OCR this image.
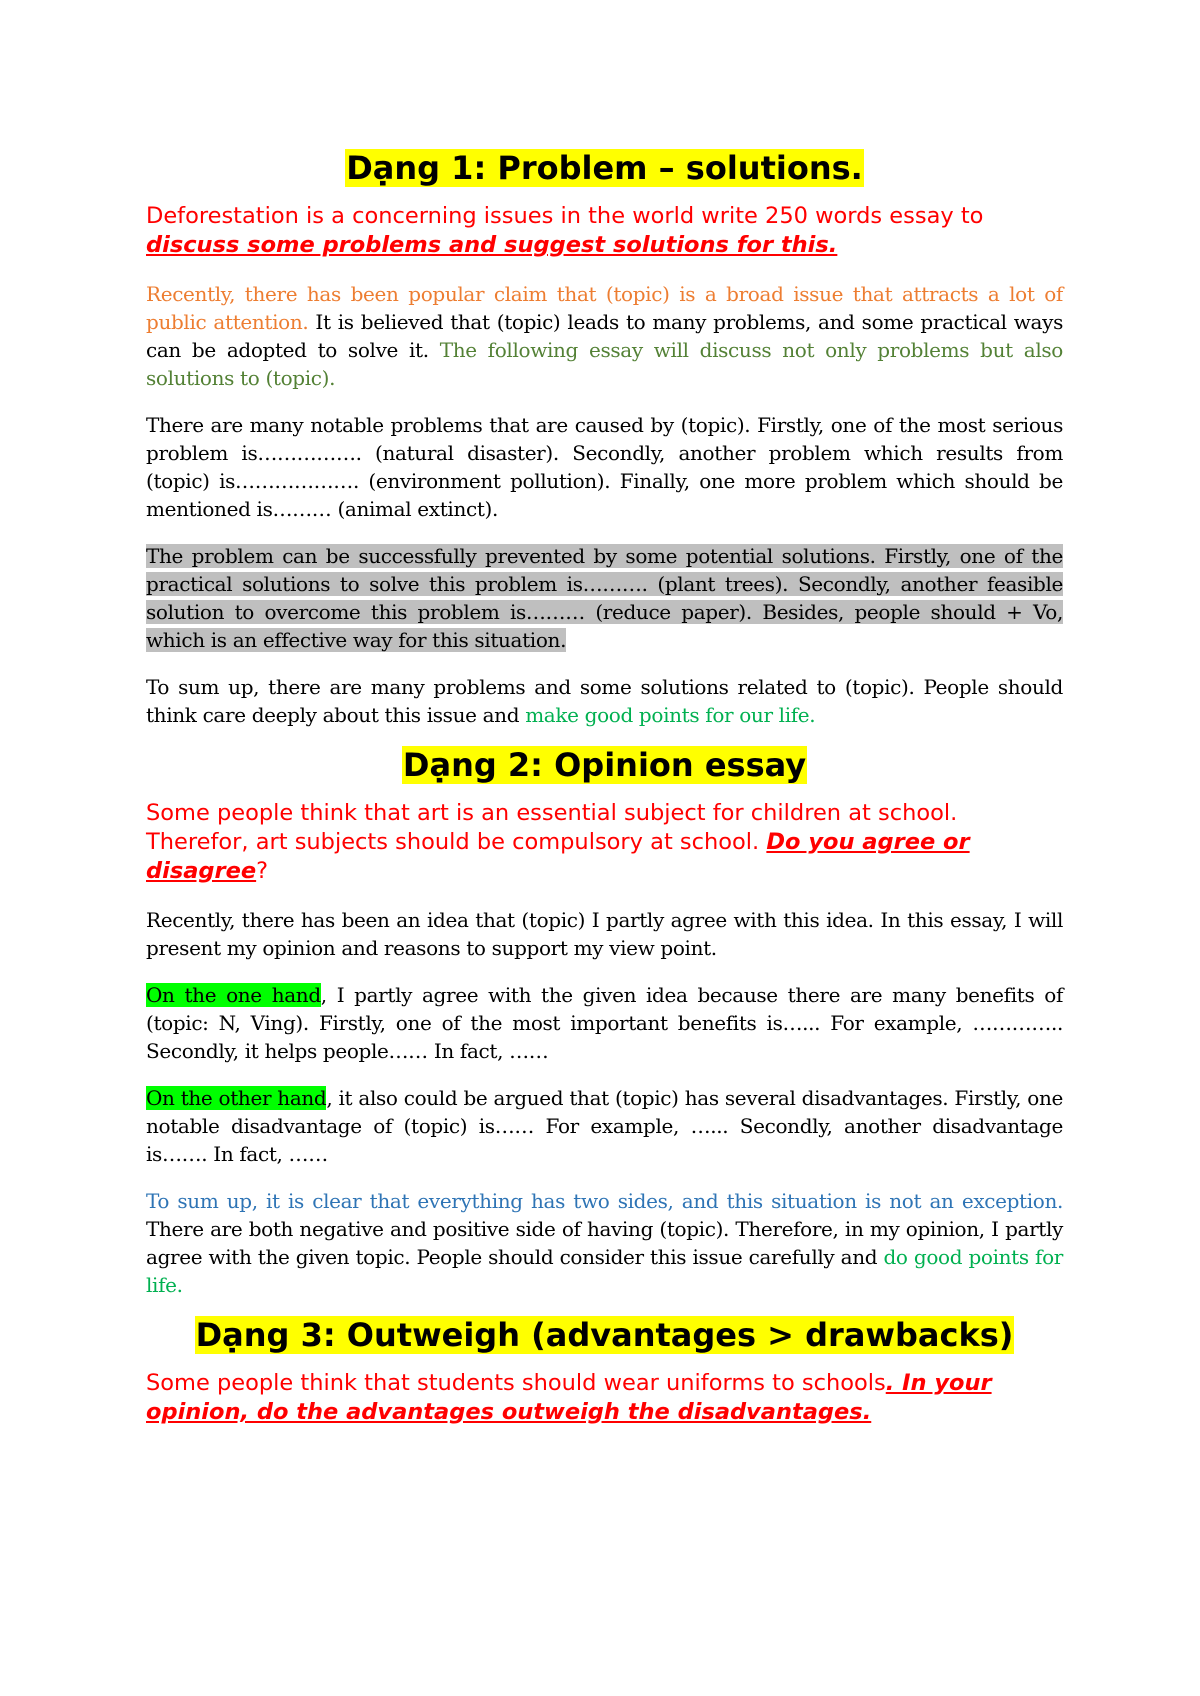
Dạng 1: Problem – solutions.

Deforestation is a concerning issues in the world write 250 words essay to discuss some problems and suggest solutions for this.

Recently, there has been popular claim that (topic) is a broad issue that attracts a lot of public attention. It is believed that (topic) leads to many problems, and some practical ways can be adopted to solve it. The following essay will discuss not only problems but also solutions to (topic).

There are many notable problems that are caused by (topic). Firstly, one of the most serious problem is……………. (natural disaster). Secondly, another problem which results from (topic) is………………. (environment pollution). Finally, one more problem which should be mentioned is……… (animal extinct).

The problem can be successfully prevented by some potential solutions. Firstly, one of the practical solutions to solve this problem is………. (plant trees). Secondly, another feasible solution to overcome this problem is……… (reduce paper). Besides, people should + Vo, which is an effective way for this situation.

To sum up, there are many problems and some solutions related to (topic). People should think care deeply about this issue and make good points for our life.

Dạng 2: Opinion essay

Some people think that art is an essential subject for children at school. Therefor, art subjects should be compulsory at school. Do you agree or disagree?

Recently, there has been an idea that (topic) I partly agree with this idea. In this essay, I will present my opinion and reasons to support my view point.

On the one hand, I partly agree with the given idea because there are many benefits of (topic: N, Ving). Firstly, one of the most important benefits is…... For example, ………….. Secondly, it helps people…… In fact, ……

On the other hand, it also could be argued that (topic) has several disadvantages. Firstly, one notable disadvantage of (topic) is…… For example, …... Secondly, another disadvantage is……. In fact, ……

To sum up, it is clear that everything has two sides, and this situation is not an exception. There are both negative and positive side of having (topic). Therefore, in my opinion, I partly agree with the given topic. People should consider this issue carefully and do good points for life.

Dạng 3: Outweigh (advantages > drawbacks)

Some people think that students should wear uniforms to schools. In your opinion, do the advantages outweigh the disadvantages.
